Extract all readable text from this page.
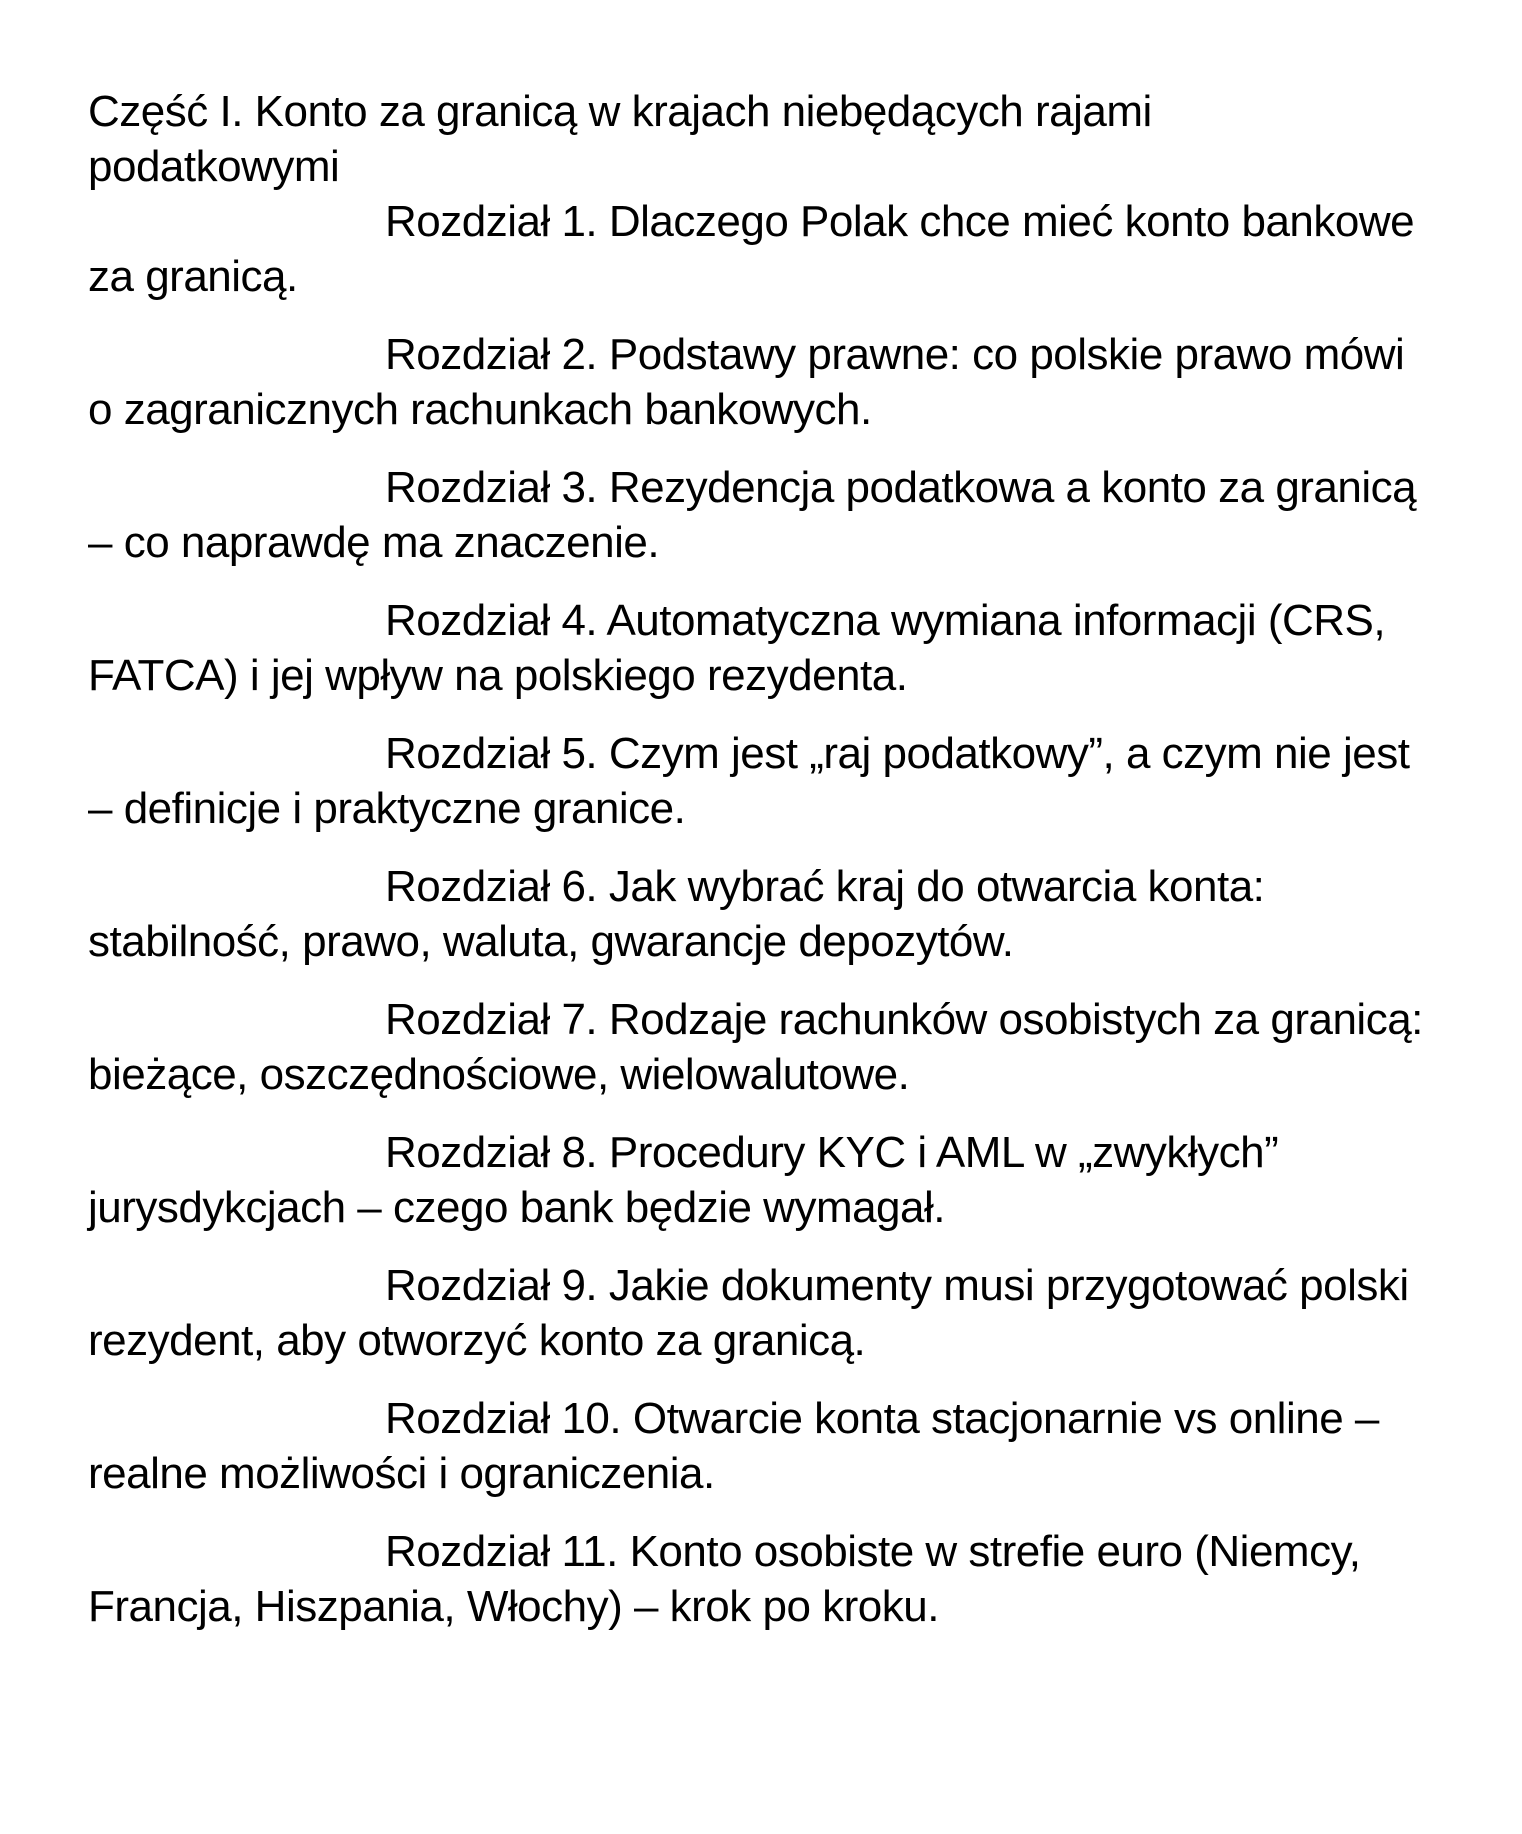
Część I. Konto za granicą w krajach niebędących rajami
podatkowymi

Rozdział 1. Dlaczego Polak chce mieć konto bankowe
za granicą.

Rozdział 2. Podstawy prawne: co polskie prawo mówi
o zagranicznych rachunkach bankowych.

Rozdział 3. Rezydencja podatkowa a konto za granicą
– co naprawdę ma znaczenie.

Rozdział 4. Automatyczna wymiana informacji (CRS,
FATCA) i jej wpływ na polskiego rezydenta.

Rozdział 5. Czym jest „raj podatkowy”, a czym nie jest
– definicje i praktyczne granice.

Rozdział 6. Jak wybrać kraj do otwarcia konta:
stabilność, prawo, waluta, gwarancje depozytów.

Rozdział 7. Rodzaje rachunków osobistych za granicą:
bieżące, oszczędnościowe, wielowalutowe.

Rozdział 8. Procedury KYC i AML w „zwykłych”
jurysdykcjach – czego bank będzie wymagał.

Rozdział 9. Jakie dokumenty musi przygotować polski
rezydent, aby otworzyć konto za granicą.

Rozdział 10. Otwarcie konta stacjonarnie vs online –
realne możliwości i ograniczenia.

Rozdział 11. Konto osobiste w strefie euro (Niemcy,
Francja, Hiszpania, Włochy) – krok po kroku.
